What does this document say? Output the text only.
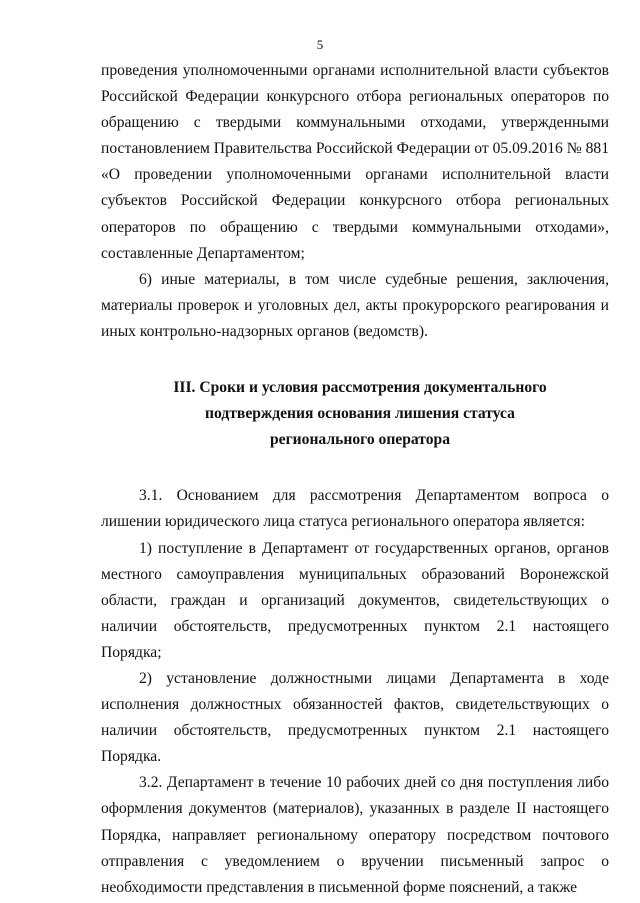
5

проведения уполномоченными органами исполнительной власти субъектов Российской Федерации конкурсного отбора региональных операторов по обращению с твердыми коммунальными отходами, утвержденными постановлением Правительства Российской Федерации от 05.09.2016 № 881 «О проведении уполномоченными органами исполнительной власти субъектов Российской Федерации конкурсного отбора региональных операторов по обращению с твердыми коммунальными отходами», составленные Департаментом;

6) иные материалы, в том числе судебные решения, заключения, материалы проверок и уголовных дел, акты прокурорского реагирования и иных контрольно-надзорных органов (ведомств).

III. Сроки и условия рассмотрения документального
подтверждения основания лишения статуса
регионального оператора

3.1. Основанием для рассмотрения Департаментом вопроса о лишении юридического лица статуса регионального оператора является:

1) поступление в Департамент от государственных органов, органов местного самоуправления муниципальных образований Воронежской области, граждан и организаций документов, свидетельствующих о наличии обстоятельств, предусмотренных пунктом 2.1 настоящего Порядка;

2) установление должностными лицами Департамента в ходе исполнения должностных обязанностей фактов, свидетельствующих о наличии обстоятельств, предусмотренных пунктом 2.1 настоящего Порядка.

3.2. Департамент в течение 10 рабочих дней со дня поступления либо оформления документов (материалов), указанных в разделе II настоящего Порядка, направляет региональному оператору посредством почтового отправления с уведомлением о вручении письменный запрос о необходимости представления в письменной форме пояснений, а также
